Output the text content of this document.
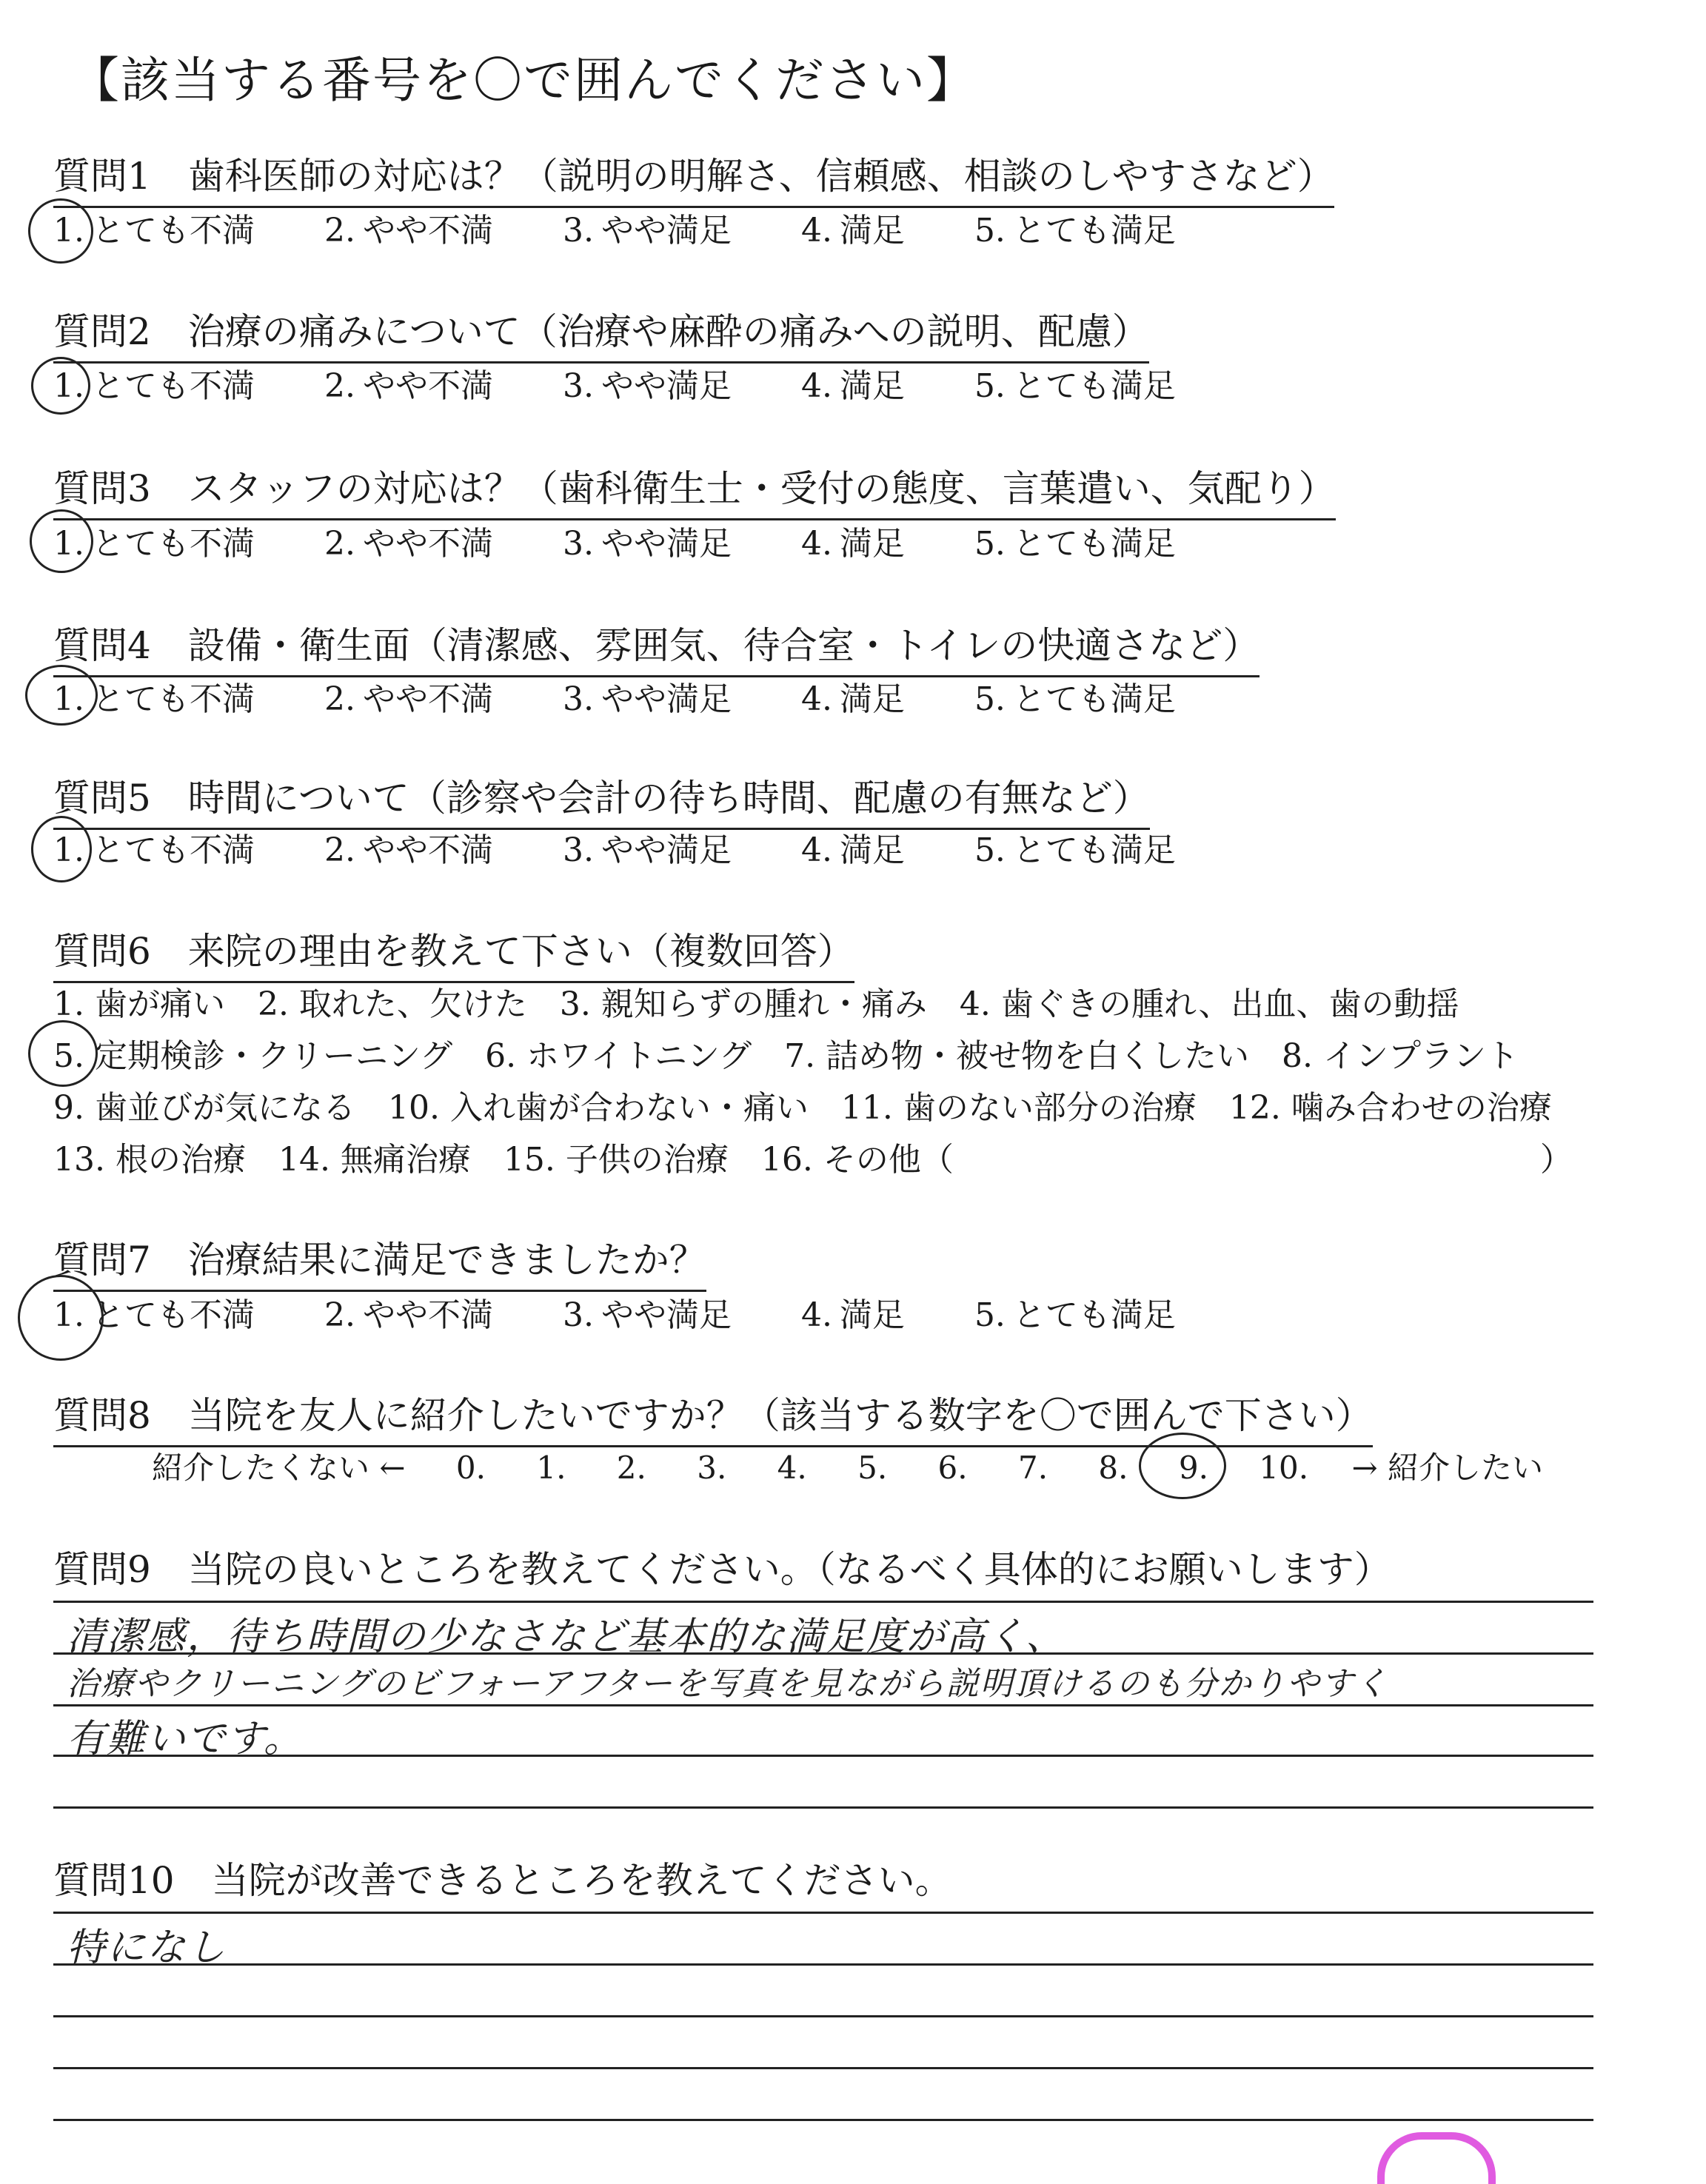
【該当する番号を〇で囲んでください】
質問1　歯科医師の対応は？（説明の明解さ、信頼感、相談のしやすさなど）
1. とても不満 2. やや不満 3. やや満足 4. 満足 5. とても満足
質問2　治療の痛みについて（治療や麻酔の痛みへの説明、配慮）
1. とても不満 2. やや不満 3. やや満足 4. 満足 5. とても満足
質問3　スタッフの対応は？（歯科衛生士・受付の態度、言葉遣い、気配り）
1. とても不満 2. やや不満 3. やや満足 4. 満足 5. とても満足
質問4　設備・衛生面（清潔感、雰囲気、待合室・トイレの快適さなど）
1. とても不満 2. やや不満 3. やや満足 4. 満足 5. とても満足
質問5　時間について（診察や会計の待ち時間、配慮の有無など）
1. とても不満 2. やや不満 3. やや満足 4. 満足 5. とても満足
質問6　来院の理由を教えて下さい（複数回答）
1. 歯が痛い　2. 取れた、欠けた　3. 親知らずの腫れ・痛み　4. 歯ぐきの腫れ、出血、歯の動揺
5. 定期検診・クリーニング　6. ホワイトニング　7. 詰め物・被せ物を白くしたい　8. インプラント
9. 歯並びが気になる　10. 入れ歯が合わない・痛い　11. 歯のない部分の治療　12. 噛み合わせの治療
13. 根の治療　14. 無痛治療　15. 子供の治療　16. その他（　　　　　　　　　　　　　　　　　　）
質問7　治療結果に満足できましたか？
1. とても不満 2. やや不満 3. やや満足 4. 満足 5. とても満足
質問8　当院を友人に紹介したいですか？（該当する数字を〇で囲んで下さい）
紹介したくない ← 0. 1. 2. 3. 4. 5. 6. 7. 8. 9. 10. → 紹介したい
質問9　当院の良いところを教えてください。（なるべく具体的にお願いします）
清潔感，待ち時間の少なさなど基本的な満足度が高く、
治療やクリーニングのビフォーアフターを写真を見ながら説明頂けるのも分かりやすく
有難いです。
質問10　当院が改善できるところを教えてください。
特になし
